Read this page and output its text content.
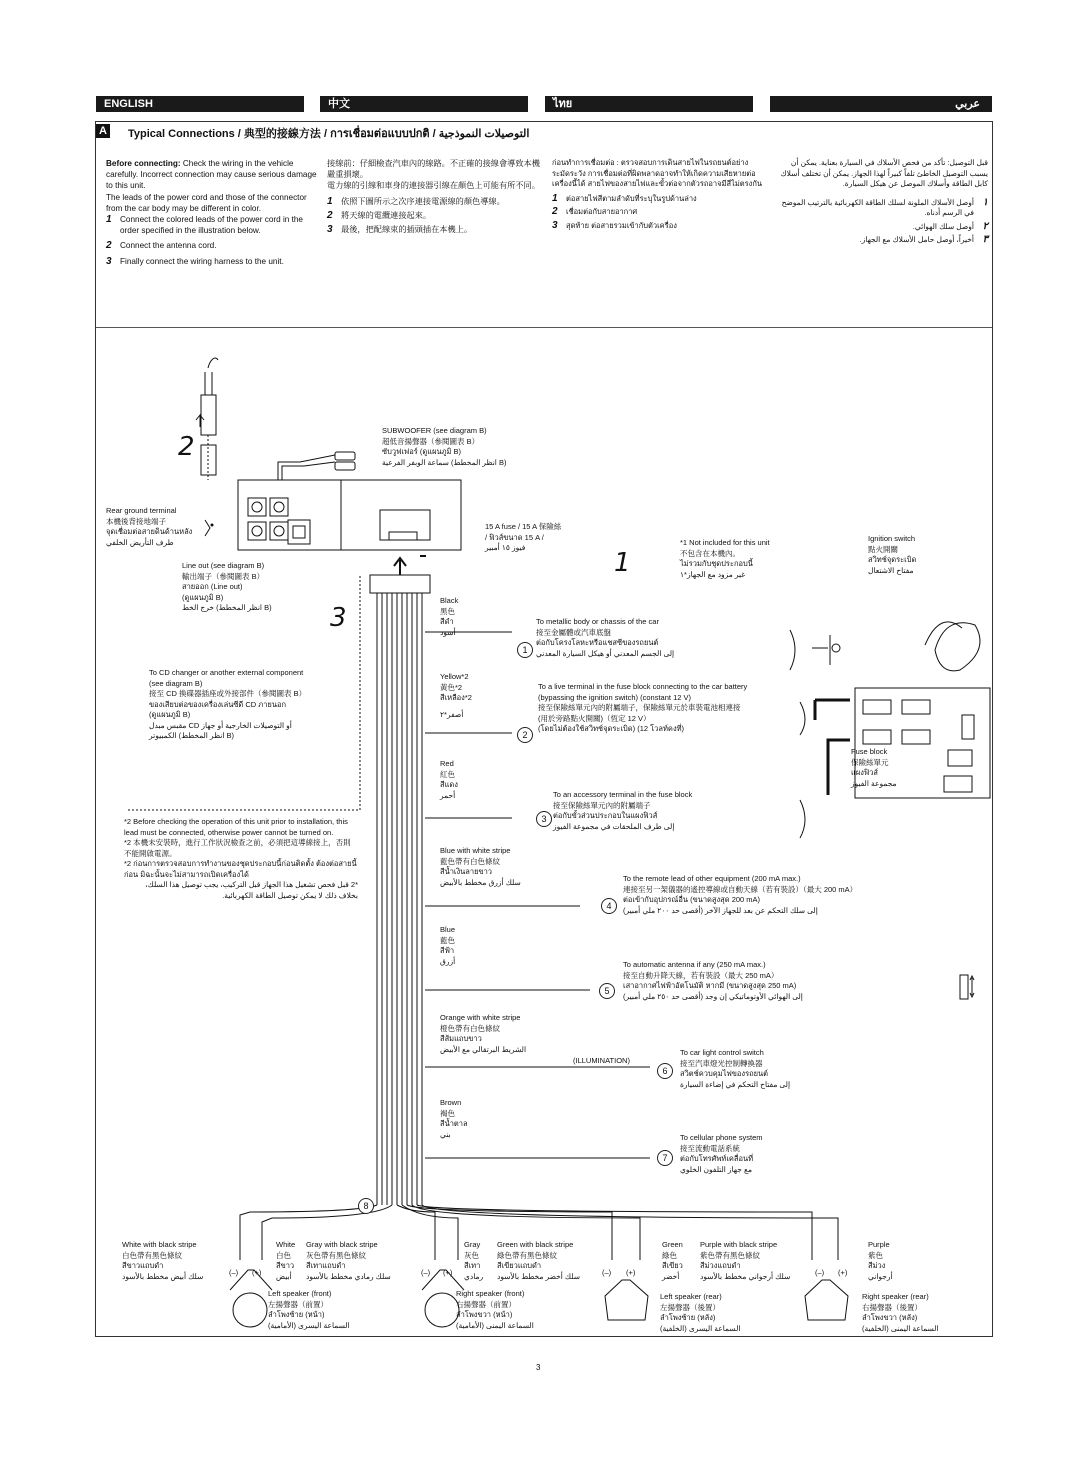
ENGLISH	中文	ไทย	عربي
A Typical Connections / 典型的接線方法 / การเชื่อมต่อแบบปกติ / التوصيلات النموذجية

Before connecting: Check the wiring in the vehicle carefully. Incorrect connection may cause serious damage to this unit.

The leads of the power cord and those of the connector from the car body may be different in color.

1	Connect the colored leads of the power cord in the order specified in the illustration below.
2	Connect the antenna cord.
3	Finally connect the wiring harness to the unit.

接線前：仔細檢查汽車內的線路。不正確的接線會導致本機嚴重損壞。

電力線的引線和車身的連接器引線在顏色上可能有所不同。

1	依照下圖所示之次序連接電源線的顏色導線。
2	將天線的電纜連接起來。
3	最後，把配線束的插頭插在本機上。

ก่อนทำการเชื่อมต่อ : ตรวจสอบการเดินสายไฟในรถยนต์อย่างระมัดระวัง การเชื่อมต่อที่ผิดพลาดอาจทำให้เกิดความเสียหายต่อเครื่องนี้ได้ สายไฟของสายไฟและขั้วต่อจากตัวรถอาจมีสีไม่ตรงกัน

1	ต่อสายไฟสีตามลำดับที่ระบุในรูปด้านล่าง
2	เชื่อมต่อกับสายอากาศ
3	สุดท้าย ต่อสายรวมเข้ากับตัวเครื่อง

قبل التوصيل: تأكد من فحص الأسلاك في السيارة بعناية. يمكن أن يسبب التوصيل الخاطئ تلفاً كبيراً لهذا الجهاز. يمكن أن تختلف أسلاك كابل الطاقة وأسلاك الموصل عن هيكل السيارة.

١
أوصل الأسلاك الملونة لسلك الطاقة الكهربائية بالترتيب الموضح في الرسم أدناه.
٢
أوصل سلك الهوائي.
٣
أخيراً، أوصل حامل الأسلاك مع الجهاز.
2
3
1
SUBWOOFER (see diagram B)
超低音揚聲器（參閱圖表 B）
ซับวูฟเฟอร์ (ดูแผนภูมิ B)
سماعة الوبفر الفرعية (انظر المخطط B)
Rear ground terminal
本機後背接地端子
จุดเชื่อมต่อสายดินด้านหลัง
طرف التأريض الخلفي
15 A fuse / 15 A 保險絲
/ ฟิวส์ขนาด 15 A /
فيوز ١٥ أمبير
Line out (see diagram B)
輸出端子（參閱圖表 B）
สายออก (Line out)
(ดูแผนภูมิ B)
خرج الخط (انظر المخطط B)
To CD changer or another external component
(see diagram B)
接至 CD 換碟器插座或外接部件（參閱圖表 B）
ของเสียบต่อของเครื่องเล่นซีดี CD ภายนอก
(ดูแผนภูมิ B)
مقبس مبدل CD أو التوصيلات الخارجية أو جهاز
الكمبيوتر (انظر المخطط B)
*2 Before checking the operation of this unit prior to installation, this lead must be connected, otherwise power cannot be turned on.
*2 本機未安裝時，進行工作狀況檢查之前，必須把這導線接上，否則不能開啟電源。
*2 ก่อนการตรวจสอบการทำงานของชุดประกอบนี้ก่อนติดตั้ง ต้องต่อสายนี้ก่อน มิฉะนั้นจะไม่สามารถเปิดเครื่องได้
*2 قبل فحص تشغيل هذا الجهاز قبل التركيب، يجب توصيل هذا السلك، بخلاف ذلك لا يمكن توصيل الطاقة الكهربائية.
*1 Not included for this unit
不包含在本機內。
ไม่รวมกับชุดประกอบนี้
غير مزود مع الجهاز*١
Ignition switch
點火開關
สวิทช์จุดระเบิด
مفتاح الاشتعال
Fuse block
保險絲單元
แผงฟิวส์
مجموعة الفيوز
Black
黑色
สีดำ
أسود
1
To metallic body or chassis of the car
接至金屬體或汽車底盤
ต่อกับโครงโลหะหรือแชสซีของรถยนต์
إلى الجسم المعدني أو هيكل السيارة المعدني
Yellow*2
黃色*2
สีเหลือง*2
أصفر*٢
2
To a live terminal in the fuse block connecting to the car battery
(bypassing the ignition switch) (constant 12 V)
接至保險絲單元內的附屬端子，保險絲單元於車裝電池相連接
(用於旁路點火開關)（恆定 12 V）
(โดยไม่ต้องใช้สวิทช์จุดระเบิด) (12 โวลท์คงที่)
Red
紅色
สีแดง
أحمر
3
To an accessory terminal in the fuse block
接至保險絲單元內的附屬端子
ต่อกับขั้วส่วนประกอบในแผงฟิวส์
إلى طرف الملحقات في مجموعة الفيوز
Blue with white stripe
藍色帶有白色條紋
สีน้ำเงินลายขาว
سلك أزرق مخطط بالأبيض
4
To the remote lead of other equipment (200 mA max.)
連接至另一架儀器的遙控導線或自動天線（若有裝設）（最大 200 mA）
ต่อเข้ากับอุปกรณ์อื่น (ขนาดสูงสุด 200 mA)
إلى سلك التحكم عن بعد للجهاز الآخر (أقصى حد ٢٠٠ ملي أمبير)
Blue
藍色
สีฟ้า
أزرق
5
To automatic antenna if any (250 mA max.)
接至自動升降天線，若有裝設（最大 250 mA）
เสาอากาศไฟฟ้าอัตโนมัติ หากมี (ขนาดสูงสุด 250 mA)
إلى الهوائي الأوتوماتيكي إن وجد (أقصى حد ٢٥٠ ملي أمبير)
Orange with white stripe
橙色帶有白色條紋
สีส้มแถบขาว
الشريط البرتقالي مع الأبيض
(ILLUMINATION)
6
To car light control switch
接至汽車燈光控制轉換器
สวิตช์ควบคุมไฟของรถยนต์
إلى مفتاح التحكم في إضاءة السيارة
Brown
褐色
สีน้ำตาล
بني
7
To cellular phone system
接至流動電話系統
ต่อกับโทรศัพท์เคลื่อนที่
مع جهاز التلفون الخلوي
8
White with black stripe
白色帶有黑色條紋
สีขาวแถบดำ
سلك أبيض مخطط بالأسود
White
白色
สีขาว
أبيض
Gray with black stripe
灰色帶有黑色條紋
สีเทาแถบดำ
سلك رمادي مخطط بالأسود
Gray
灰色
สีเทา
رمادي
Green with black stripe
綠色帶有黑色條紋
สีเขียวแถบดำ
سلك أخضر مخطط بالأسود
Green
綠色
สีเขียว
أخضر
Purple with black stripe
紫色帶有黑色條紋
สีม่วงแถบดำ
سلك أرجواني مخطط بالأسود
Purple
紫色
สีม่วง
أرجواني
(–) (+)	(–) (+)	(–) (+)	(–) (+)
Left speaker (front)
左揚聲器（前置）
ลำโพงซ้าย (หน้า)
السماعة اليسرى (الأمامية)
Right speaker (front)
右揚聲器（前置）
ลำโพงขวา (หน้า)
السماعة اليمنى (الأمامية)
Left speaker (rear)
左揚聲器（後置）
ลำโพงซ้าย (หลัง)
السماعة اليسرى (الخلفية)
Right speaker (rear)
右揚聲器（後置）
ลำโพงขวา (หลัง)
السماعة اليمنى (الخلفية)
3
